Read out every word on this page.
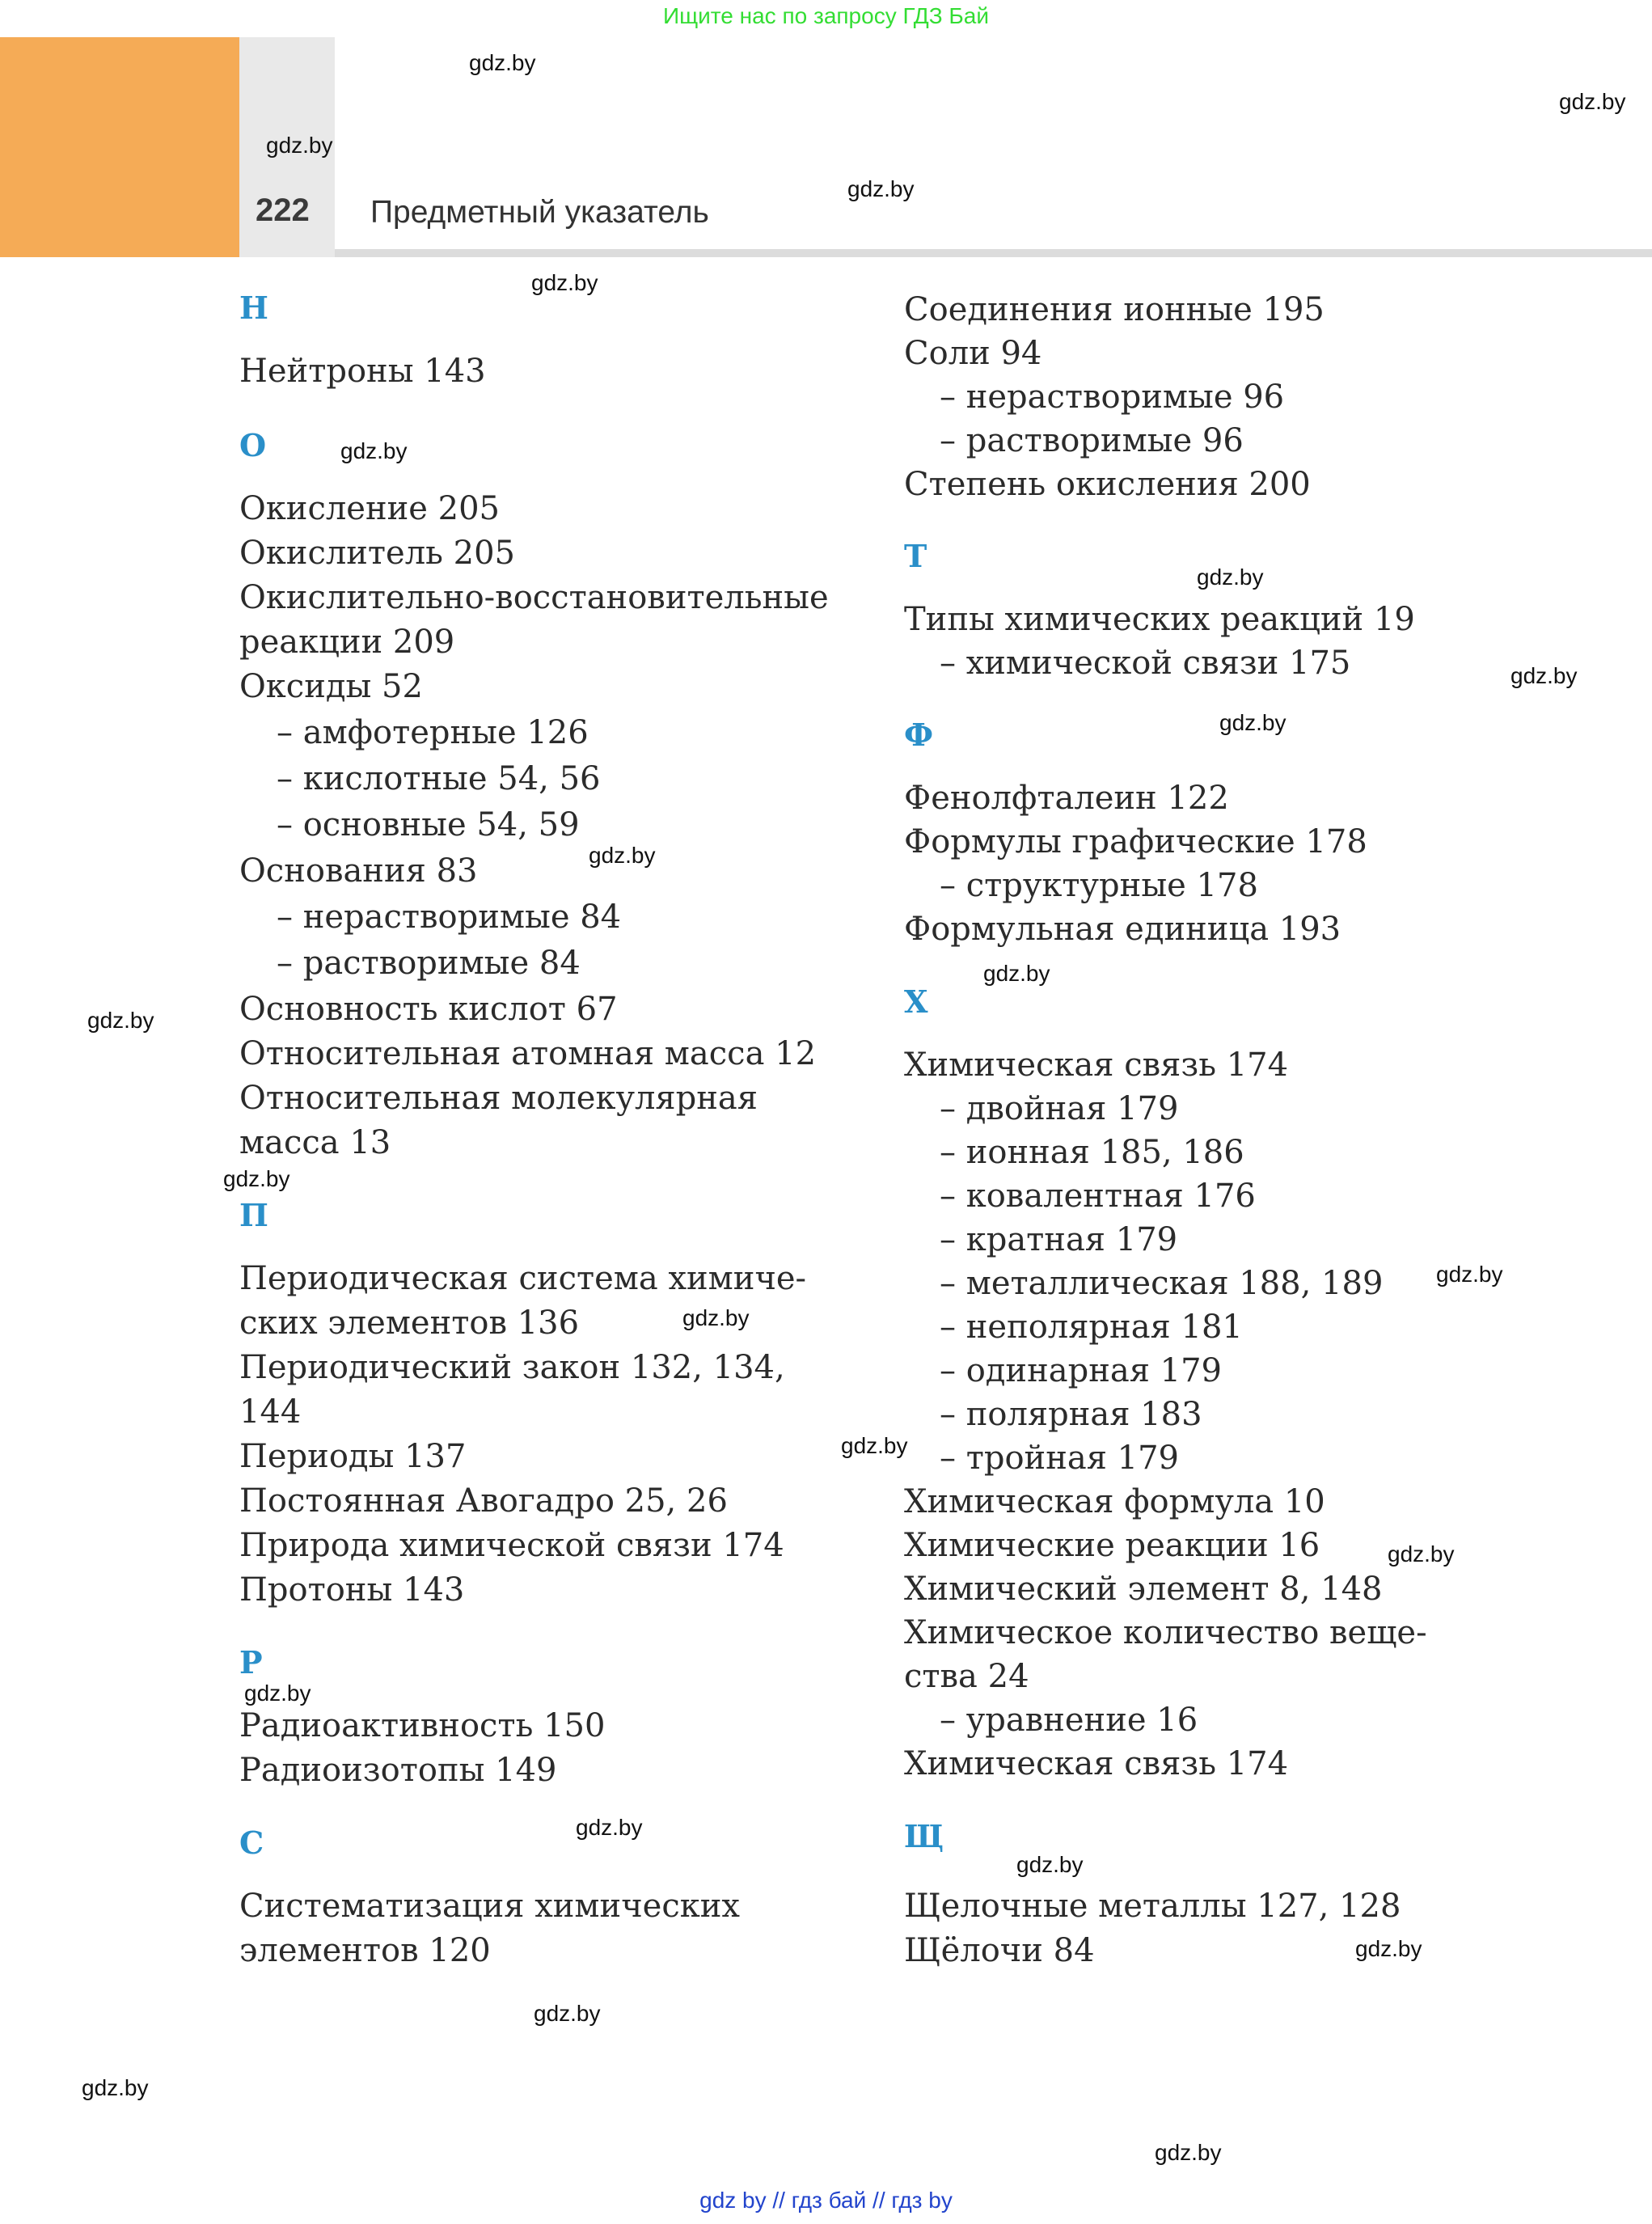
Ищите нас по запросу ГДЗ Бай
222 Предметный указатель
Н
Нейтроны 143
О
Окисление 205
Окислитель 205
Окислительно-восстановительные
реакции 209
Оксиды 52
– амфотерные 126
– кислотные 54, 56
– основные 54, 59
Основания 83
– нерастворимые 84
– растворимые 84
Основность кислот 67
Относительная атомная масса 12
Относительная молекулярная
масса 13
П
Периодическая система химиче-
ских элементов 136
Периодический закон 132, 134,
144
Периоды 137
Постоянная Авогадро 25, 26
Природа химической связи 174
Протоны 143
Р
Радиоактивность 150
Радиоизотопы 149
С
Систематизация химических
элементов 120
Соединения ионные 195
Соли 94
– нерастворимые 96
– растворимые 96
Степень окисления 200
Т
Типы химических реакций 19
– химической связи 175
Ф
Фенолфталеин 122
Формулы графические 178
– структурные 178
Формульная единица 193
Х
Химическая связь 174
– двойная 179
– ионная 185, 186
– ковалентная 176
– кратная 179
– металлическая 188, 189
– неполярная 181
– одинарная 179
– полярная 183
– тройная 179
Химическая формула 10
Химические реакции 16
Химический элемент 8, 148
Химическое количество веще-
ства 24
– уравнение 16
Химическая связь 174
Щ
Щелочные металлы 127, 128
Щёлочи 84
gdz.by
gdz.by
gdz.by
gdz.by
gdz.by
gdz.by
gdz.by
gdz.by
gdz.by
gdz.by
gdz.by
gdz.by
gdz.by
gdz.by
gdz.by
gdz.by
gdz.by
gdz.by
gdz.by
gdz.by
gdz.by
gdz.by
gdz.by
gdz.by
gdz by // гдз бай // гдз by
